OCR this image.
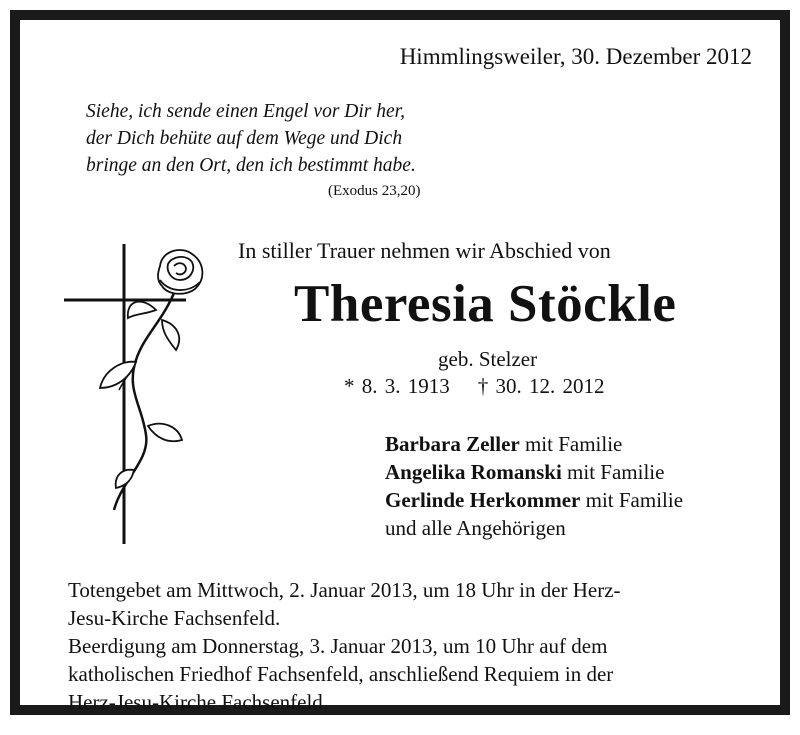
Himmlingsweiler, 30. Dezember 2012
Siehe, ich sende einen Engel vor Dir her,
der Dich behüte auf dem Wege und Dich
bringe an den Ort, den ich bestimmt habe.
(Exodus 23,20)
In stiller Trauer nehmen wir Abschied von
Theresia Stöckle
geb. Stelzer
* 8. 3. 1913 † 30. 12. 2012
Barbara Zeller mit Familie
Angelika Romanski mit Familie
Gerlinde Herkommer mit Familie
und alle Angehörigen
Totengebet am Mittwoch, 2. Januar 2013, um 18 Uhr in der Herz-
Jesu-Kirche Fachsenfeld.
Beerdigung am Donnerstag, 3. Januar 2013, um 10 Uhr auf dem
katholischen Friedhof Fachsenfeld, anschließend Requiem in der
Herz-Jesu-Kirche Fachsenfeld.
